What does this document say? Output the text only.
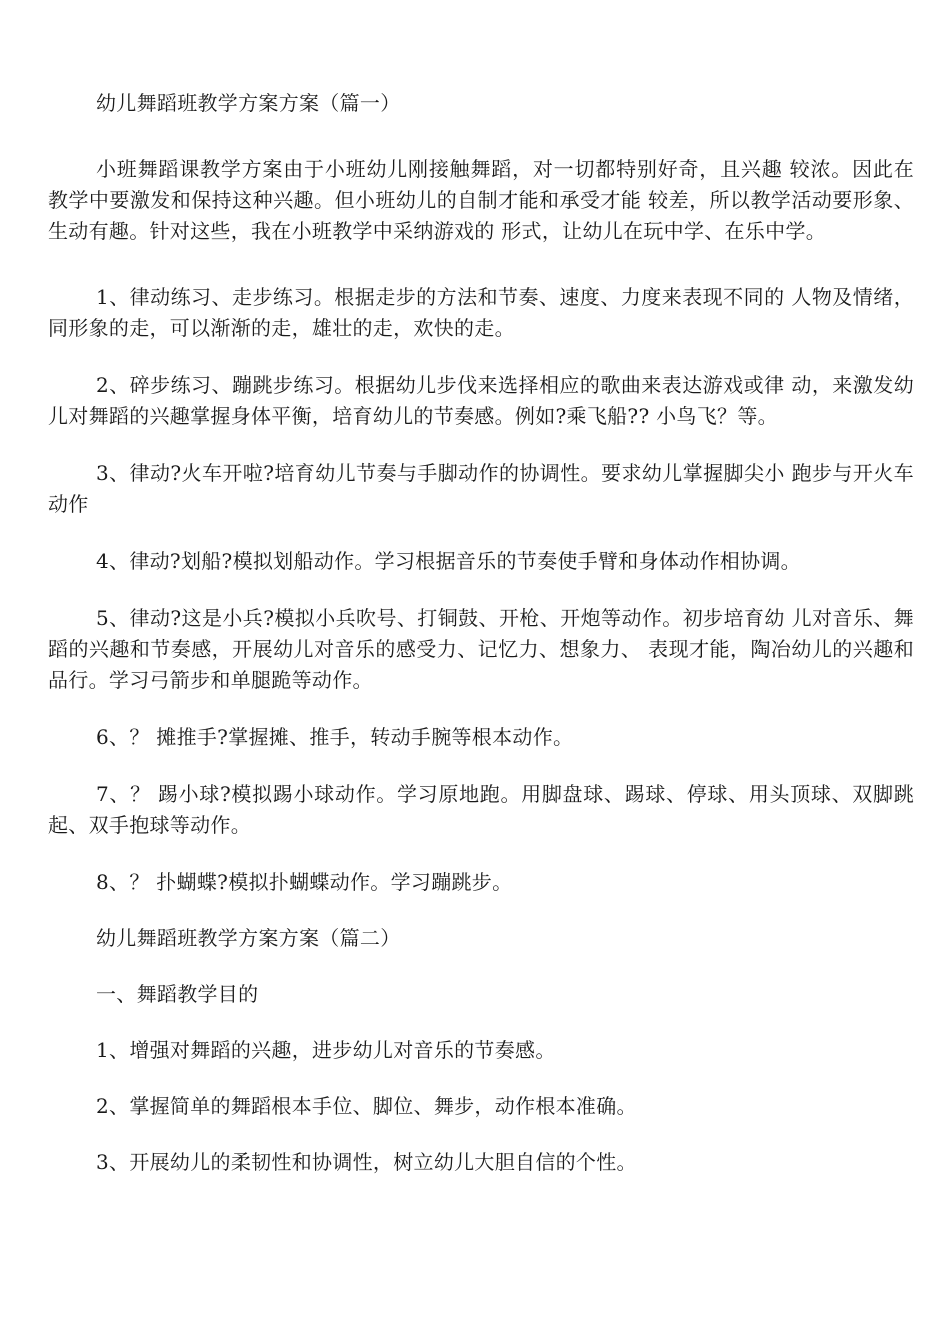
幼儿舞蹈班教学方案方案（篇一）

小班舞蹈课教学方案由于小班幼儿刚接触舞蹈，对一切都特别好奇，且兴趣 较浓。因此在教学中要激发和保持这种兴趣。但小班幼儿的自制才能和承受才能 较差，所以教学活动要形象、生动有趣。针对这些，我在小班教学中采纳游戏的 形式，让幼儿在玩中学、在乐中学。

1、律动练习、走步练习。根据走步的方法和节奏、速度、力度来表现不同的 人物及情绪，同形象的走，可以渐渐的走，雄壮的走，欢快的走。

2、碎步练习、蹦跳步练习。根据幼儿步伐来选择相应的歌曲来表达游戏或律 动，来激发幼儿对舞蹈的兴趣掌握身体平衡，培育幼儿的节奏感。例如?乘飞船?? 小鸟飞？等。

3、律动?火车开啦?培育幼儿节奏与手脚动作的协调性。要求幼儿掌握脚尖小 跑步与开火车动作

4、律动?划船?模拟划船动作。学习根据音乐的节奏使手臂和身体动作相协调。

5、律动?这是小兵?模拟小兵吹号、打铜鼓、开枪、开炮等动作。初步培育幼 儿对音乐、舞蹈的兴趣和节奏感，开展幼儿对音乐的感受力、记忆力、想象力、 表现才能，陶冶幼儿的兴趣和品行。学习弓箭步和单腿跪等动作。

6、？ 摊推手?掌握摊、推手，转动手腕等根本动作。

7、？ 踢小球?模拟踢小球动作。学习原地跑。用脚盘球、踢球、停球、用头顶球、双脚跳起、双手抱球等动作。

8、？ 扑蝴蝶?模拟扑蝴蝶动作。学习蹦跳步。

幼儿舞蹈班教学方案方案（篇二）

一、舞蹈教学目的

1、增强对舞蹈的兴趣，进步幼儿对音乐的节奏感。

2、掌握简单的舞蹈根本手位、脚位、舞步，动作根本准确。

3、开展幼儿的柔韧性和协调性，树立幼儿大胆自信的个性。
